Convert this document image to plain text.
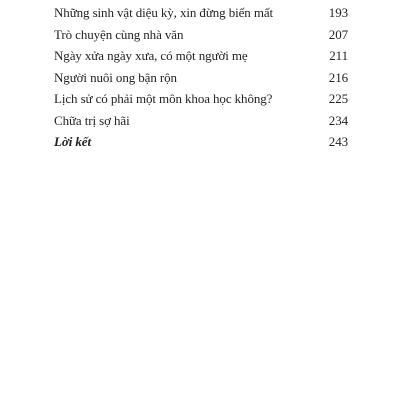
Những sinh vật diệu kỳ, xin đừng biến mất	193
Trò chuyện cùng nhà văn	207
Ngày xửa ngày xưa, có một người mẹ	211
Người nuôi ong bận rộn	216
Lịch sử có phải một môn khoa học không?	225
Chữa trị sợ hãi	234
Lời kết	243
